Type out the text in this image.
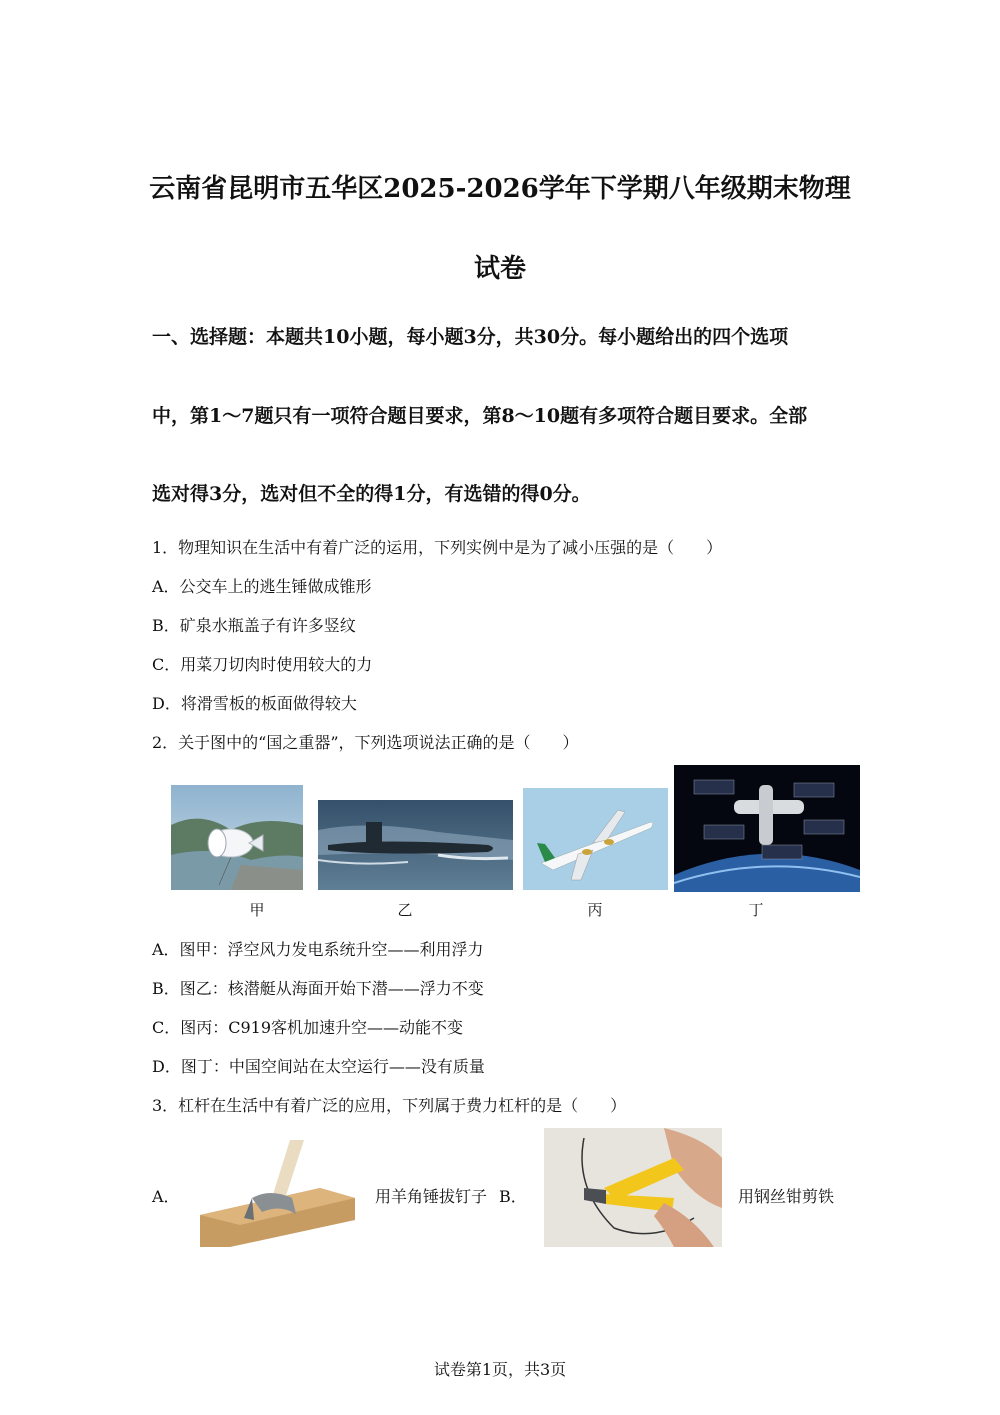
云南省昆明市五华区2025-2026学年下学期八年级期末物理
试卷
一、选择题：本题共10小题，每小题3分，共30分。每小题给出的四个选项
中，第1～7题只有一项符合题目要求，第8～10题有多项符合题目要求。全部
选对得3分，选对但不全的得1分，有选错的得0分。
1．物理知识在生活中有着广泛的运用，下列实例中是为了减小压强的是（　　）
A．公交车上的逃生锤做成锥形
B．矿泉水瓶盖子有许多竖纹
C．用菜刀切肉时使用较大的力
D．将滑雪板的板面做得较大
2．关于图中的“国之重器”，下列选项说法正确的是（　　）
甲	乙	丙	丁
A．图甲：浮空风力发电系统升空——利用浮力
B．图乙：核潜艇从海面开始下潜——浮力不变
C．图丙：C919客机加速升空——动能不变
D．图丁：中国空间站在太空运行——没有质量
3．杠杆在生活中有着广泛的应用，下列属于费力杠杆的是（　　）
A．	用羊角锤拔钉子 B．	用钢丝钳剪铁
试卷第1页，共3页
